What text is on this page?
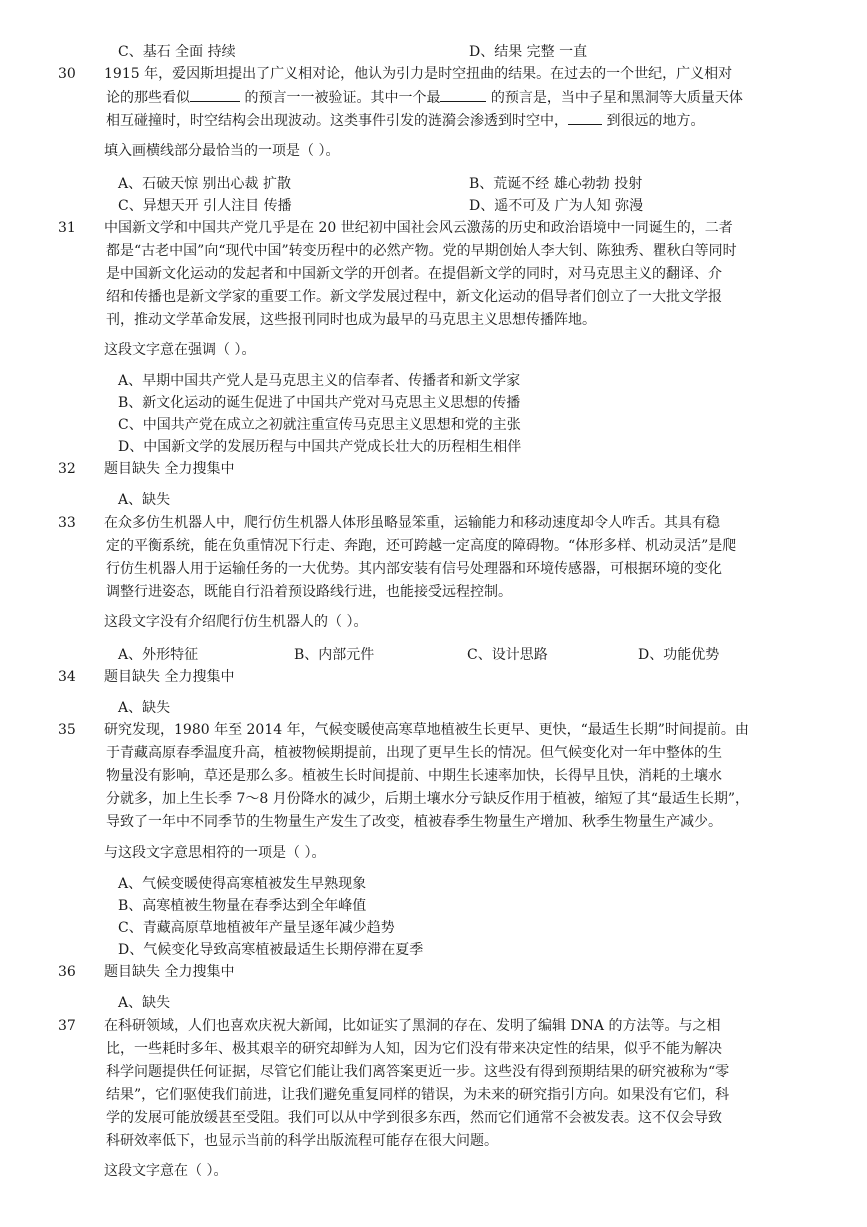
C、基石 全面 持续	D、结果 完整 一直
30 1915 年，爱因斯坦提出了广义相对论，他认为引力是时空扭曲的结果。在过去的一个世纪，广义相对
论的那些看似	的预言一一被验证。其中一个最	的预言是，当中子星和黑洞等大质量天体
相互碰撞时，时空结构会出现波动。这类事件引发的涟漪会渗透到时空中，	到很远的地方。
填入画横线部分最恰当的一项是（ ）。
A、石破天惊 别出心裁 扩散	B、荒诞不经 雄心勃勃 投射
C、异想天开 引人注目 传播	D、遥不可及 广为人知 弥漫
31 中国新文学和中国共产党几乎是在 20 世纪初中国社会风云激荡的历史和政治语境中一同诞生的，二者
都是“古老中国”向“现代中国”转变历程中的必然产物。党的早期创始人李大钊、陈独秀、瞿秋白等同时
是中国新文化运动的发起者和中国新文学的开创者。在提倡新文学的同时，对马克思主义的翻译、介
绍和传播也是新文学家的重要工作。新文学发展过程中，新文化运动的倡导者们创立了一大批文学报
刊，推动文学革命发展，这些报刊同时也成为最早的马克思主义思想传播阵地。
这段文字意在强调（ ）。
A、早期中国共产党人是马克思主义的信奉者、传播者和新文学家
B、新文化运动的诞生促进了中国共产党对马克思主义思想的传播
C、中国共产党在成立之初就注重宣传马克思主义思想和党的主张
D、中国新文学的发展历程与中国共产党成长壮大的历程相生相伴
32 题目缺失 全力搜集中
A、缺失
33 在众多仿生机器人中，爬行仿生机器人体形虽略显笨重，运输能力和移动速度却令人咋舌。其具有稳
定的平衡系统，能在负重情况下行走、奔跑，还可跨越一定高度的障碍物。“体形多样、机动灵活”是爬
行仿生机器人用于运输任务的一大优势。其内部安装有信号处理器和环境传感器，可根据环境的变化
调整行进姿态，既能自行沿着预设路线行进，也能接受远程控制。
这段文字没有介绍爬行仿生机器人的（ ）。
A、外形特征	B、内部元件	C、设计思路	D、功能优势
34 题目缺失 全力搜集中
A、缺失
35 研究发现，1980 年至 2014 年，气候变暖使高寒草地植被生长更早、更快，“最适生长期”时间提前。由
于青藏高原春季温度升高，植被物候期提前，出现了更早生长的情况。但气候变化对一年中整体的生
物量没有影响，草还是那么多。植被生长时间提前、中期生长速率加快，长得早且快，消耗的土壤水
分就多，加上生长季 7～8 月份降水的减少，后期土壤水分亏缺反作用于植被，缩短了其“最适生长期”，
导致了一年中不同季节的生物量生产发生了改变，植被春季生物量生产增加、秋季生物量生产减少。
与这段文字意思相符的一项是（ ）。
A、气候变暖使得高寒植被发生早熟现象
B、高寒植被生物量在春季达到全年峰值
C、青藏高原草地植被年产量呈逐年减少趋势
D、气候变化导致高寒植被最适生长期停滞在夏季
36 题目缺失 全力搜集中
A、缺失
37 在科研领域，人们也喜欢庆祝大新闻，比如证实了黑洞的存在、发明了编辑 DNA 的方法等。与之相
比，一些耗时多年、极其艰辛的研究却鲜为人知，因为它们没有带来决定性的结果，似乎不能为解决
科学问题提供任何证据，尽管它们能让我们离答案更近一步。这些没有得到预期结果的研究被称为“零
结果”，它们驱使我们前进，让我们避免重复同样的错误，为未来的研究指引方向。如果没有它们，科
学的发展可能放缓甚至受阻。我们可以从中学到很多东西，然而它们通常不会被发表。这不仅会导致
科研效率低下，也显示当前的科学出版流程可能存在很大问题。
这段文字意在（ ）。
